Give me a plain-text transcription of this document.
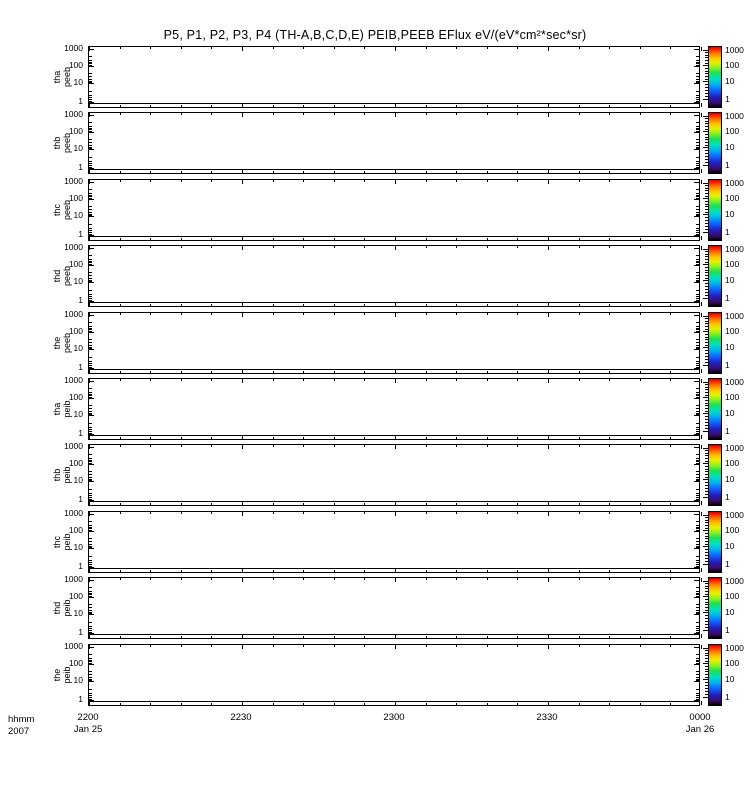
P5, P1, P2, P3, P4 (TH-A,B,C,D,E) PEIB,PEEB EFlux eV/(eV*cm²*sec*sr)
1000
100
10
1
tha peeb
1000
100
10
1
1000
100
10
1
thb peeb
1000
100
10
1
1000
100
10
1
thc peeb
1000
100
10
1
1000
100
10
1
thd peeb
1000
100
10
1
1000
100
10
1
the peeb
1000
100
10
1
1000
100
10
1
tha peib
1000
100
10
1
1000
100
10
1
thb peib
1000
100
10
1
1000
100
10
1
thc peib
1000
100
10
1
1000
100
10
1
thd peib
1000
100
10
1
1000
100
10
1
the peib
1000
100
10
1
2200
Jan 25
2230	2300	2330	0000
Jan 26
hhmm
2007
